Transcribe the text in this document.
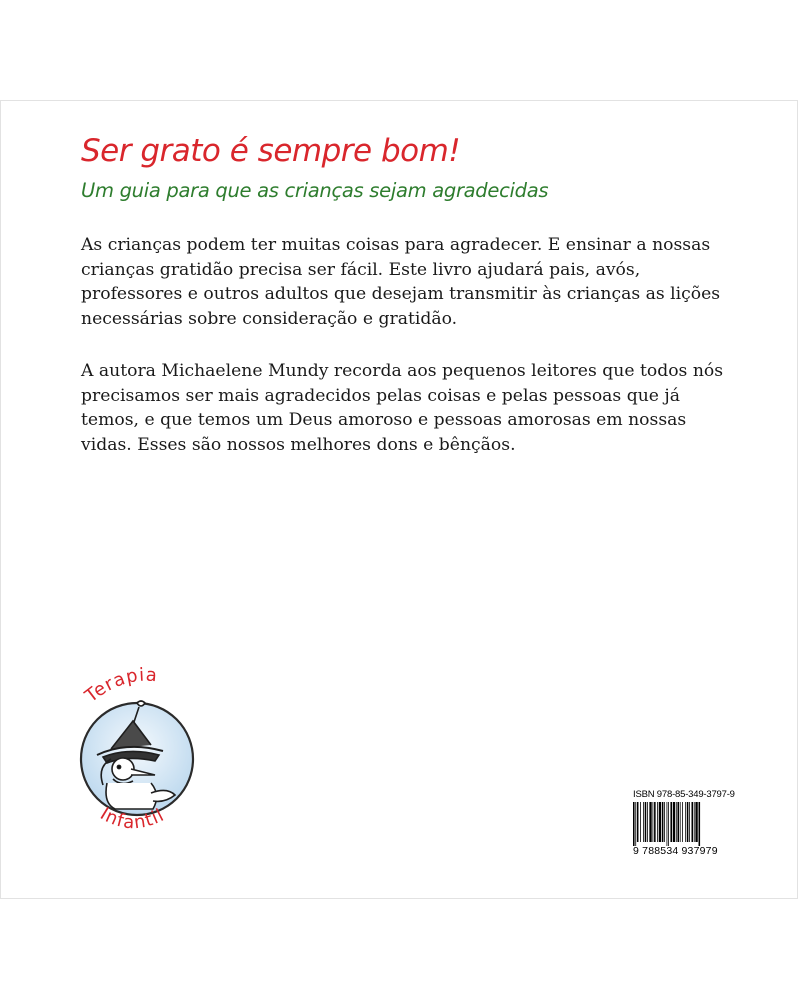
Ser grato é sempre bom!
Um guia para que as crianças sejam agradecidas

As crianças podem ter muitas coisas para agradecer. E ensinar a nossas crianças gratidão precisa ser fácil. Este livro ajudará pais, avós, professores e outros adultos que desejam transmitir às crianças as lições necessárias sobre consideração e gratidão.

A autora Michaelene Mundy recorda aos pequenos leitores que todos nós precisamos ser mais agradecidos pelas coisas e pelas pessoas que já temos, e que temos um Deus amoroso e pessoas amorosas em nossas vidas. Esses são nossos melhores dons e bênçãos.

Terapia
Infantil
ISBN 978-85-349-3797-9
9 788534 937979
